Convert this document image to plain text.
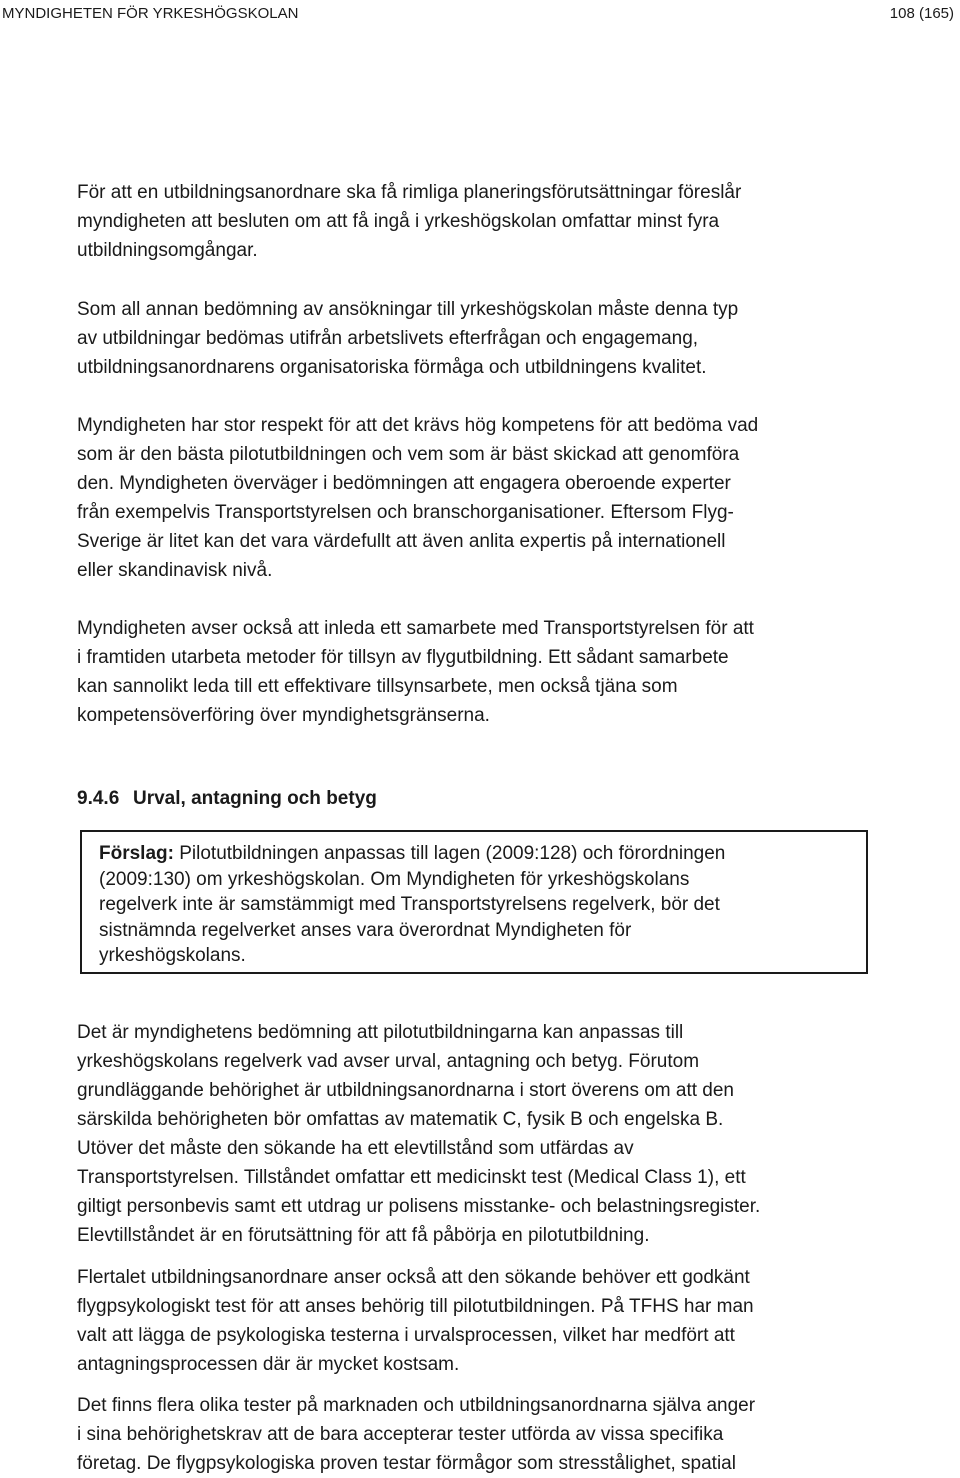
MYNDIGHETEN FÖR YRKESHÖGSKOLAN	108 (165)

För att en utbildningsanordnare ska få rimliga planeringsförutsättningar föreslår
myndigheten att besluten om att få ingå i yrkeshögskolan omfattar minst fyra
utbildningsomgångar.

Som all annan bedömning av ansökningar till yrkeshögskolan måste denna typ
av utbildningar bedömas utifrån arbetslivets efterfrågan och engagemang,
utbildningsanordnarens organisatoriska förmåga och utbildningens kvalitet.

Myndigheten har stor respekt för att det krävs hög kompetens för att bedöma vad
som är den bästa pilotutbildningen och vem som är bäst skickad att genomföra
den. Myndigheten överväger i bedömningen att engagera oberoende experter
från exempelvis Transportstyrelsen och branschorganisationer. Eftersom Flyg-
Sverige är litet kan det vara värdefullt att även anlita expertis på internationell
eller skandinavisk nivå.

Myndigheten avser också att inleda ett samarbete med Transportstyrelsen för att
i framtiden utarbeta metoder för tillsyn av flygutbildning. Ett sådant samarbete
kan sannolikt leda till ett effektivare tillsynsarbete, men också tjäna som
kompetensöverföring över myndighetsgränserna.

9.4.6 Urval, antagning och betyg

Förslag: Pilotutbildningen anpassas till lagen (2009:128) och förordningen
(2009:130) om yrkeshögskolan. Om Myndigheten för yrkeshögskolans
regelverk inte är samstämmigt med Transportstyrelsens regelverk, bör det
sistnämnda regelverket anses vara överordnat Myndigheten för
yrkeshögskolans.

Det är myndighetens bedömning att pilotutbildningarna kan anpassas till
yrkeshögskolans regelverk vad avser urval, antagning och betyg. Förutom
grundläggande behörighet är utbildningsanordnarna i stort överens om att den
särskilda behörigheten bör omfattas av matematik C, fysik B och engelska B.
Utöver det måste den sökande ha ett elevtillstånd som utfärdas av
Transportstyrelsen. Tillståndet omfattar ett medicinskt test (Medical Class 1), ett
giltigt personbevis samt ett utdrag ur polisens misstanke- och belastningsregister.
Elevtillståndet är en förutsättning för att få påbörja en pilotutbildning.

Flertalet utbildningsanordnare anser också att den sökande behöver ett godkänt
flygpsykologiskt test för att anses behörig till pilotutbildningen. På TFHS har man
valt att lägga de psykologiska testerna i urvalsprocessen, vilket har medfört att
antagningsprocessen där är mycket kostsam.

Det finns flera olika tester på marknaden och utbildningsanordnarna själva anger
i sina behörighetskrav att de bara accepterar tester utförda av vissa specifika
företag. De flygpsykologiska proven testar förmågor som stresstålighet, spatial
